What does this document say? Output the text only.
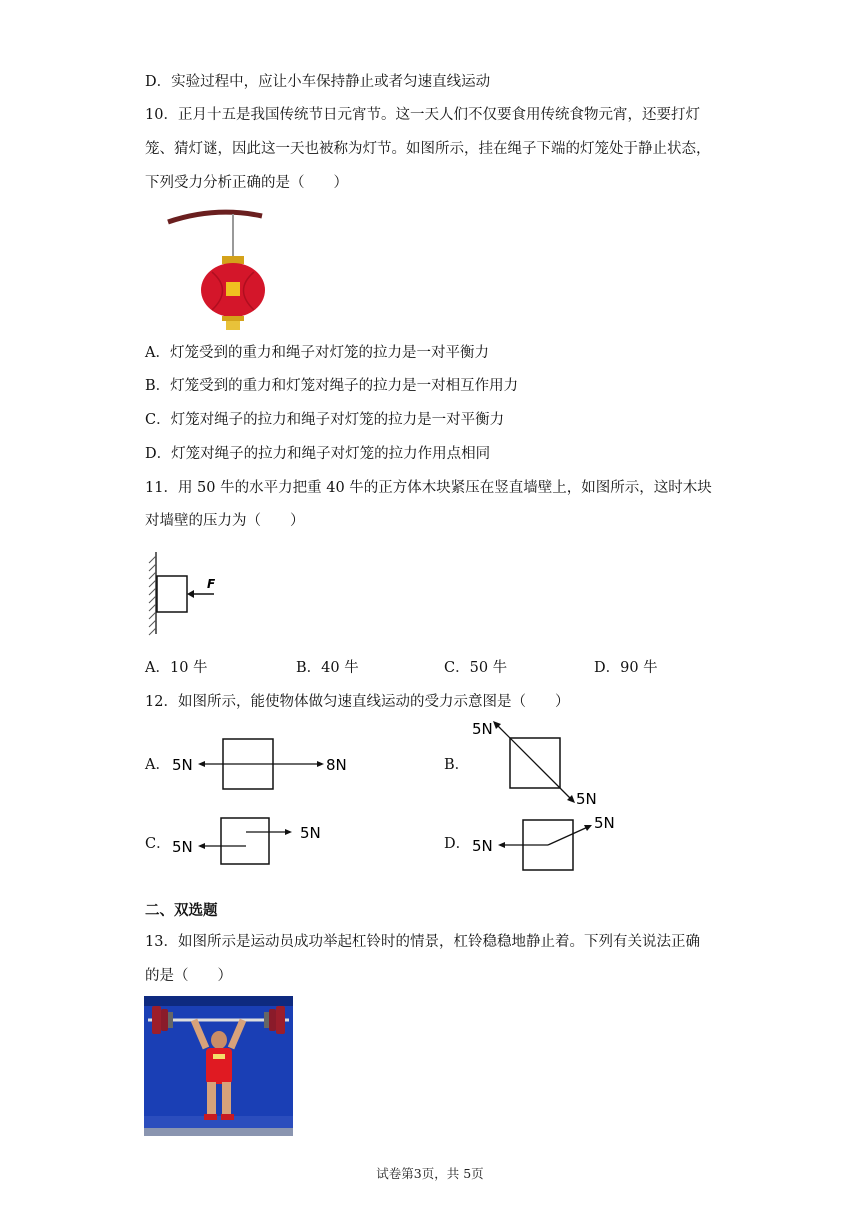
D．实验过程中，应让小车保持静止或者匀速直线运动
10．正月十五是我国传统节日元宵节。这一天人们不仅要食用传统食物元宵，还要打灯
笼、猜灯谜，因此这一天也被称为灯节。如图所示，挂在绳子下端的灯笼处于静止状态，
下列受力分析正确的是（　　）
A．灯笼受到的重力和绳子对灯笼的拉力是一对平衡力
B．灯笼受到的重力和灯笼对绳子的拉力是一对相互作用力
C．灯笼对绳子的拉力和绳子对灯笼的拉力是一对平衡力
D．灯笼对绳子的拉力和绳子对灯笼的拉力作用点相同
11．用 50 牛的水平力把重 40 牛的正方体木块紧压在竖直墙壁上，如图所示，这时木块
对墙壁的压力为（　　）
F
A．10 牛	B．40 牛	C．50 牛	D．90 牛
12．如图所示，能使物体做匀速直线运动的受力示意图是（　　）
A． 5N	8N	B．
5N
5N
C． 5N
5N
D． 5N
5N
二、双选题
13．如图所示是运动员成功举起杠铃时的情景，杠铃稳稳地静止着。下列有关说法正确
的是（　　）
试卷第3页，共 5页
